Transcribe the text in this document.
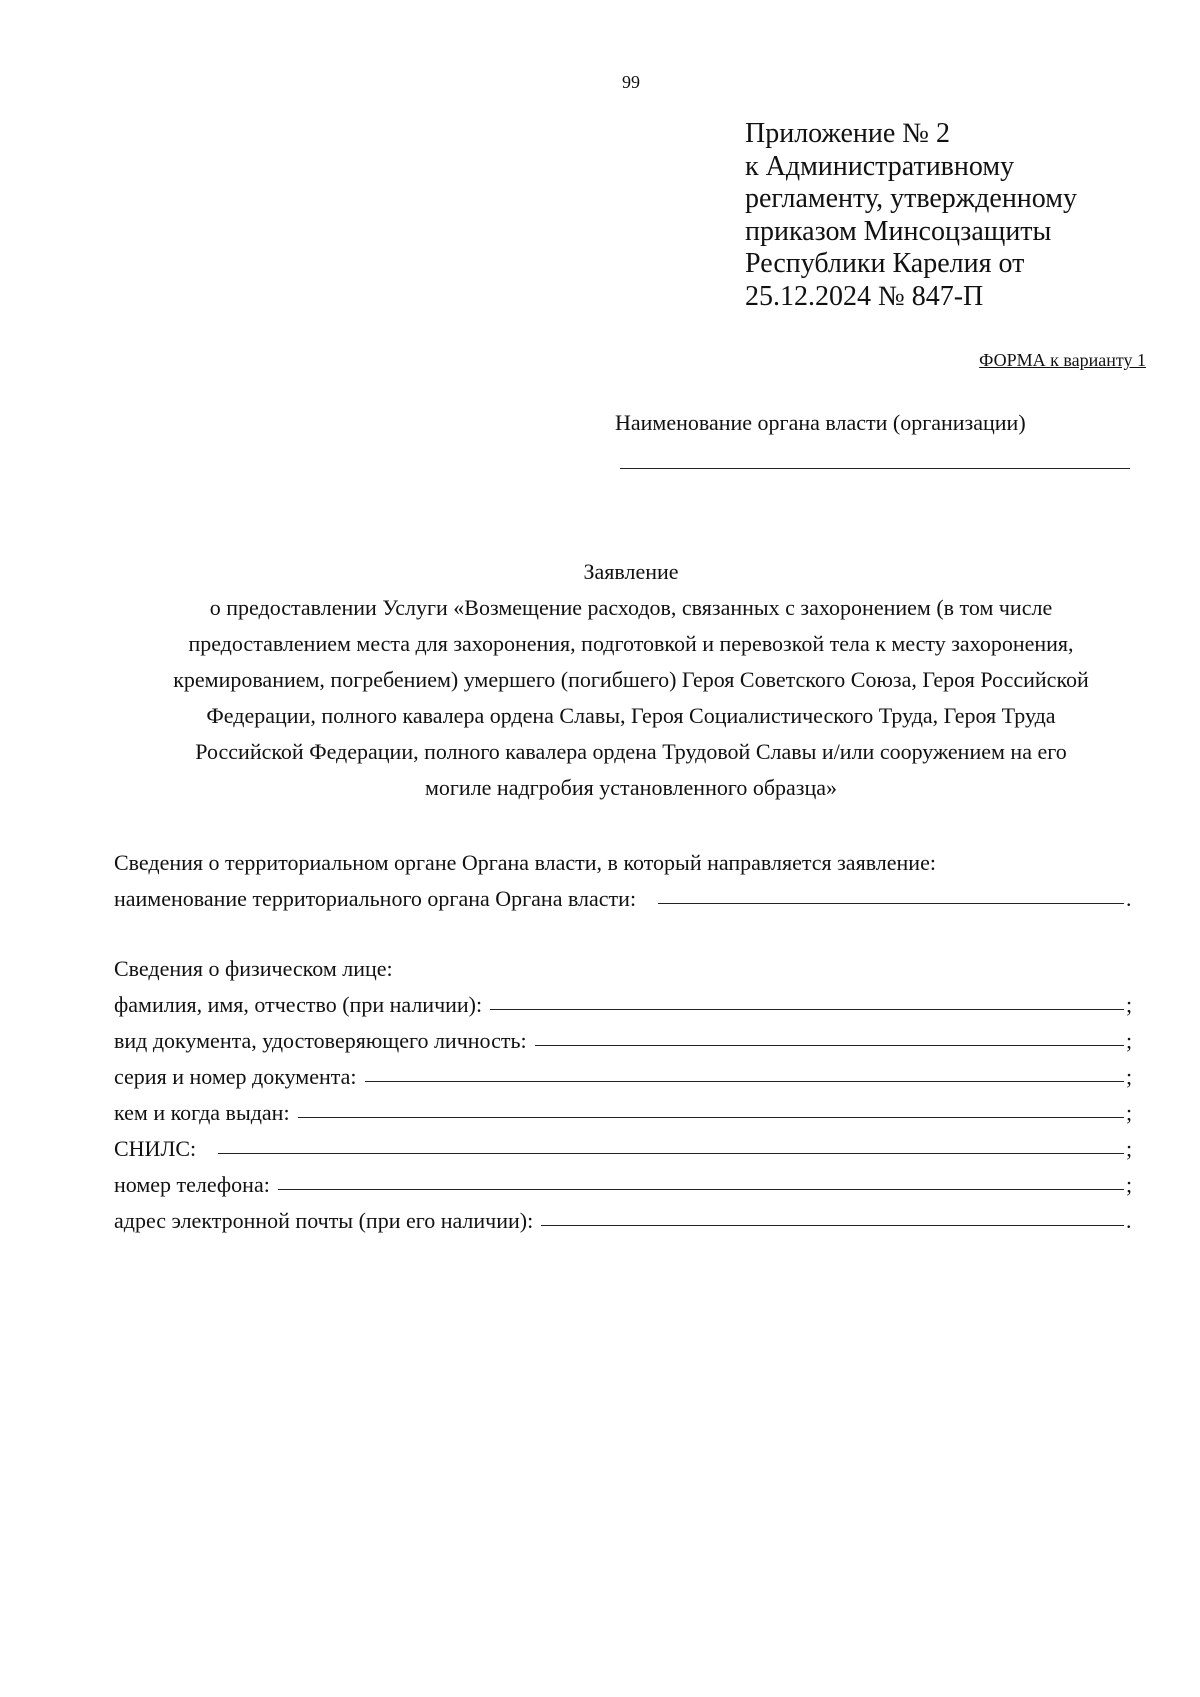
99
Приложение № 2
к Административному
регламенту, утвержденному
приказом Минсоцзащиты
Республики Карелия от
25.12.2024 № 847-П
ФОРМА к варианту 1
Наименование органа власти (организации)
Заявление
о предоставлении Услуги «Возмещение расходов, связанных с захоронением (в том числе
предоставлением места для захоронения, подготовкой и перевозкой тела к месту захоронения,
кремированием, погребением) умершего (погибшего) Героя Советского Союза, Героя Российской
Федерации, полного кавалера ордена Славы, Героя Социалистического Труда, Героя Труда
Российской Федерации, полного кавалера ордена Трудовой Славы и/или сооружением на его
могиле надгробия установленного образца»
Сведения о территориальном органе Органа власти, в который направляется заявление:
наименование территориального органа Органа власти:	.
Сведения о физическом лице:
фамилия, имя, отчество (при наличии):	;
вид документа, удостоверяющего личность:	;
серия и номер документа:	;
кем и когда выдан:	;
СНИЛС:	;
номер телефона:	;
адрес электронной почты (при его наличии):	.
